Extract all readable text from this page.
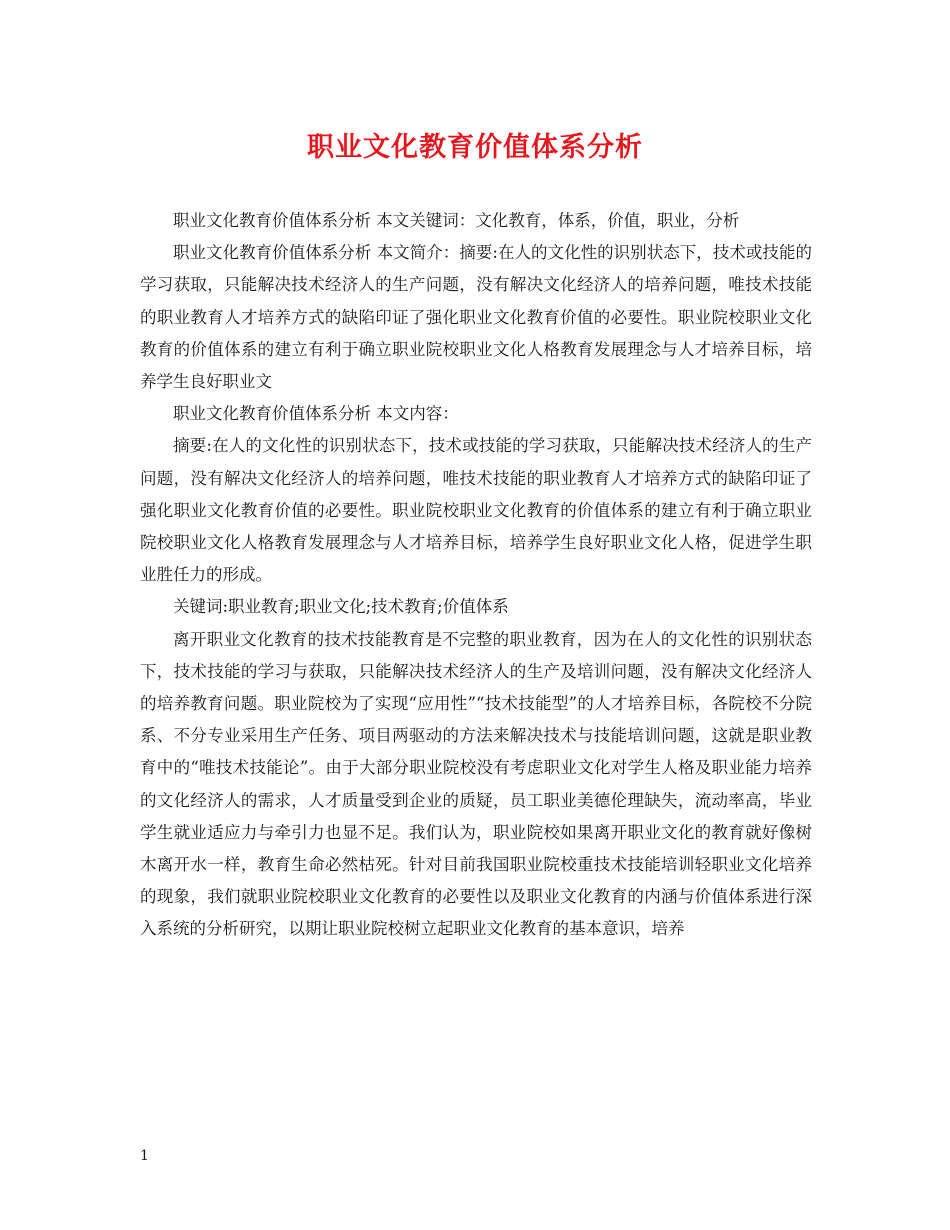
职业文化教育价值体系分析

职业文化教育价值体系分析 本文关键词：文化教育，体系，价值，职业，分析

职业文化教育价值体系分析 本文简介：摘要:在人的文化性的识别状态下，技术或技能的学习获取，只能解决技术经济人的生产问题，没有解决文化经济人的培养问题，唯技术技能的职业教育人才培养方式的缺陷印证了强化职业文化教育价值的必要性。职业院校职业文化教育的价值体系的建立有利于确立职业院校职业文化人格教育发展理念与人才培养目标，培养学生良好职业文

职业文化教育价值体系分析 本文内容：

摘要:在人的文化性的识别状态下，技术或技能的学习获取，只能解决技术经济人的生产问题，没有解决文化经济人的培养问题，唯技术技能的职业教育人才培养方式的缺陷印证了强化职业文化教育价值的必要性。职业院校职业文化教育的价值体系的建立有利于确立职业院校职业文化人格教育发展理念与人才培养目标，培养学生良好职业文化人格，促进学生职业胜任力的形成。

关键词:职业教育;职业文化;技术教育;价值体系

离开职业文化教育的技术技能教育是不完整的职业教育，因为在人的文化性的识别状态下，技术技能的学习与获取，只能解决技术经济人的生产及培训问题，没有解决文化经济人的培养教育问题。职业院校为了实现“应用性”“技术技能型”的人才培养目标，各院校不分院系、不分专业采用生产任务、项目两驱动的方法来解决技术与技能培训问题，这就是职业教育中的“唯技术技能论”。由于大部分职业院校没有考虑职业文化对学生人格及职业能力培养的文化经济人的需求，人才质量受到企业的质疑，员工职业美德伦理缺失，流动率高，毕业学生就业适应力与牵引力也显不足。我们认为，职业院校如果离开职业文化的教育就好像树木离开水一样，教育生命必然枯死。针对目前我国职业院校重技术技能培训轻职业文化培养的现象，我们就职业院校职业文化教育的必要性以及职业文化教育的内涵与价值体系进行深入系统的分析研究，以期让职业院校树立起职业文化教育的基本意识，培养

1
